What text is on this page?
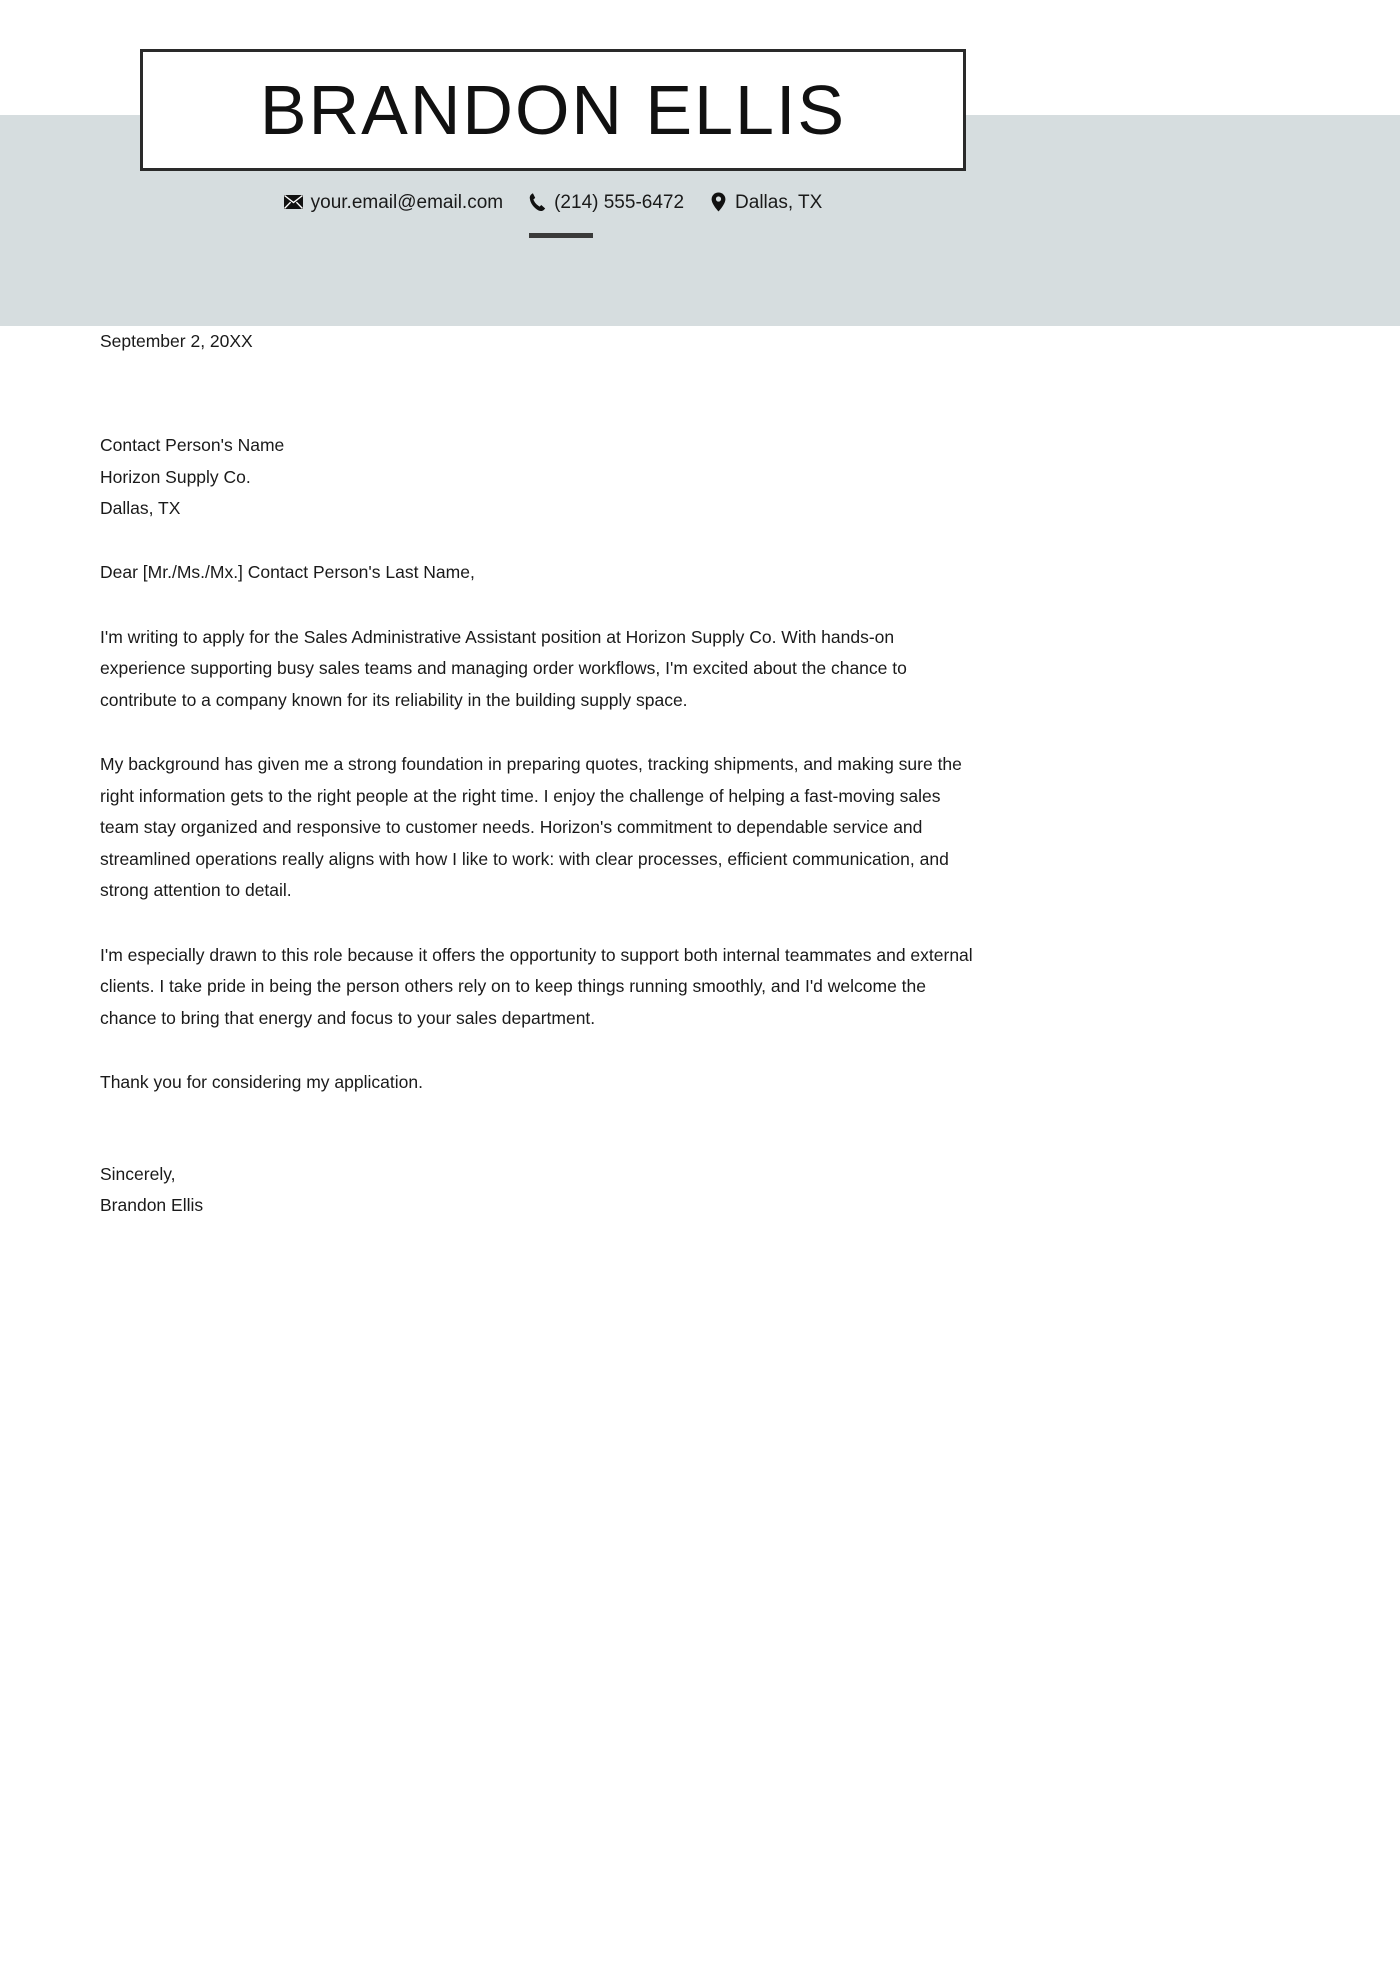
BRANDON ELLIS
your.email@email.com	(214) 555-6472	Dallas, TX
September 2, 20XX
Contact Person's Name
Horizon Supply Co.
Dallas, TX
Dear [Mr./Ms./Mx.] Contact Person's Last Name,
I'm writing to apply for the Sales Administrative Assistant position at Horizon Supply Co. With hands-on experience supporting busy sales teams and managing order workflows, I'm excited about the chance to contribute to a company known for its reliability in the building supply space.
My background has given me a strong foundation in preparing quotes, tracking shipments, and making sure the right information gets to the right people at the right time. I enjoy the challenge of helping a fast-moving sales team stay organized and responsive to customer needs. Horizon's commitment to dependable service and streamlined operations really aligns with how I like to work: with clear processes, efficient communication, and strong attention to detail.
I'm especially drawn to this role because it offers the opportunity to support both internal teammates and external clients. I take pride in being the person others rely on to keep things running smoothly, and I'd welcome the chance to bring that energy and focus to your sales department.
Thank you for considering my application.
Sincerely,
Brandon Ellis
